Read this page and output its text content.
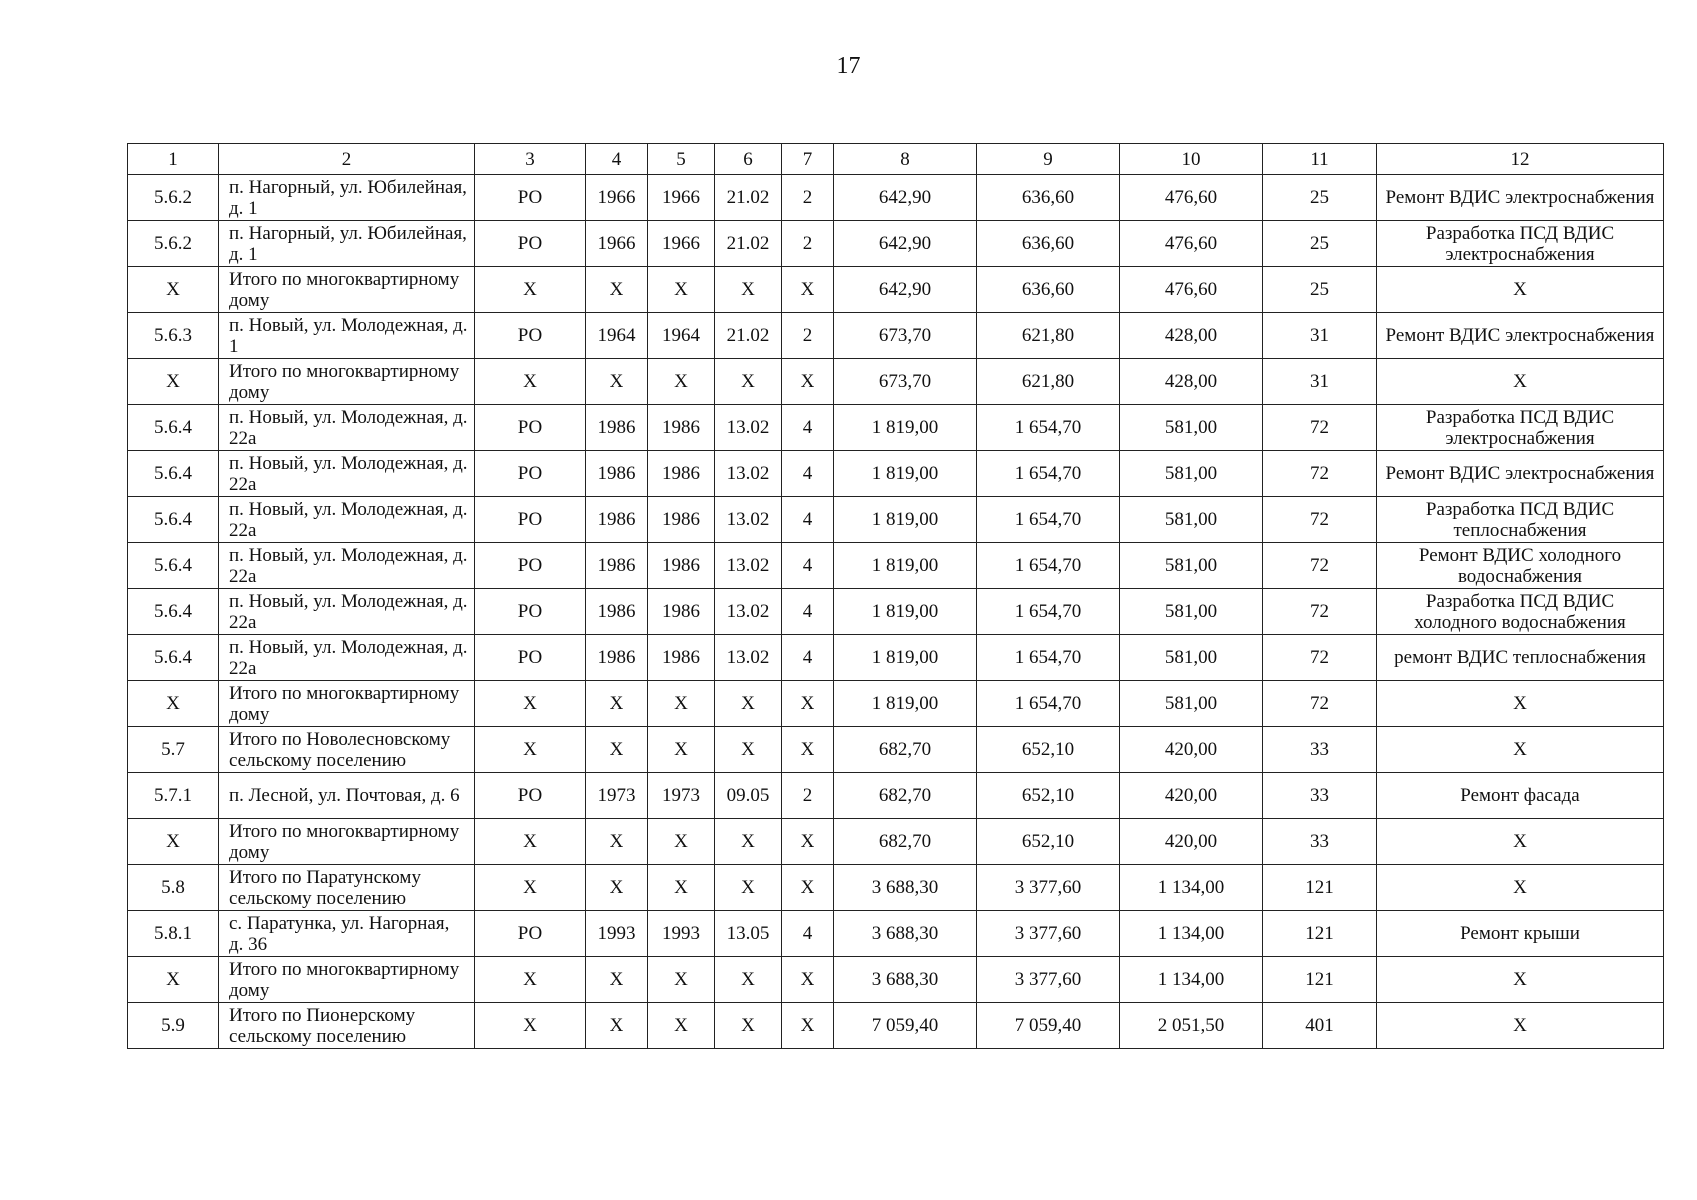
17
1	2	3	4	5	6	7	8	9	10	11	12
5.6.2	п. Нагорный, ул. Юбилейная, д. 1	РО	1966	1966	21.02	2	642,90	636,60	476,60	25	Ремонт ВДИС электроснабжения
5.6.2	п. Нагорный, ул. Юбилейная, д. 1	РО	1966	1966	21.02	2	642,90	636,60	476,60	25	Разработка ПСД ВДИС электроснабжения
Х	Итого по многоквартирному дому	Х	Х	Х	Х	Х	642,90	636,60	476,60	25	Х
5.6.3	п. Новый, ул. Молодежная, д. 1	РО	1964	1964	21.02	2	673,70	621,80	428,00	31	Ремонт ВДИС электроснабжения
Х	Итого по многоквартирному дому	Х	Х	Х	Х	Х	673,70	621,80	428,00	31	Х
5.6.4	п. Новый, ул. Молодежная, д. 22а	РО	1986	1986	13.02	4	1 819,00	1 654,70	581,00	72	Разработка ПСД ВДИС электроснабжения
5.6.4	п. Новый, ул. Молодежная, д. 22а	РО	1986	1986	13.02	4	1 819,00	1 654,70	581,00	72	Ремонт ВДИС электроснабжения
5.6.4	п. Новый, ул. Молодежная, д. 22а	РО	1986	1986	13.02	4	1 819,00	1 654,70	581,00	72	Разработка ПСД ВДИС теплоснабжения
5.6.4	п. Новый, ул. Молодежная, д. 22а	РО	1986	1986	13.02	4	1 819,00	1 654,70	581,00	72	Ремонт ВДИС холодного водоснабжения
5.6.4	п. Новый, ул. Молодежная, д. 22а	РО	1986	1986	13.02	4	1 819,00	1 654,70	581,00	72	Разработка ПСД ВДИС холодного водоснабжения
5.6.4	п. Новый, ул. Молодежная, д. 22а	РО	1986	1986	13.02	4	1 819,00	1 654,70	581,00	72	ремонт ВДИС теплоснабжения
Х	Итого по многоквартирному дому	Х	Х	Х	Х	Х	1 819,00	1 654,70	581,00	72	Х
5.7	Итого по Новолесновскому сельскому поселению	Х	Х	Х	Х	Х	682,70	652,10	420,00	33	Х
5.7.1	п. Лесной, ул. Почтовая, д. 6	РО	1973	1973	09.05	2	682,70	652,10	420,00	33	Ремонт фасада
Х	Итого по многоквартирному дому	Х	Х	Х	Х	Х	682,70	652,10	420,00	33	Х
5.8	Итого по Паратунскому сельскому поселению	Х	Х	Х	Х	Х	3 688,30	3 377,60	1 134,00	121	Х
5.8.1	с. Паратунка, ул. Нагорная, д. 36	РО	1993	1993	13.05	4	3 688,30	3 377,60	1 134,00	121	Ремонт крыши
Х	Итого по многоквартирному дому	Х	Х	Х	Х	Х	3 688,30	3 377,60	1 134,00	121	Х
5.9	Итого по Пионерскому сельскому поселению	Х	Х	Х	Х	Х	7 059,40	7 059,40	2 051,50	401	Х
